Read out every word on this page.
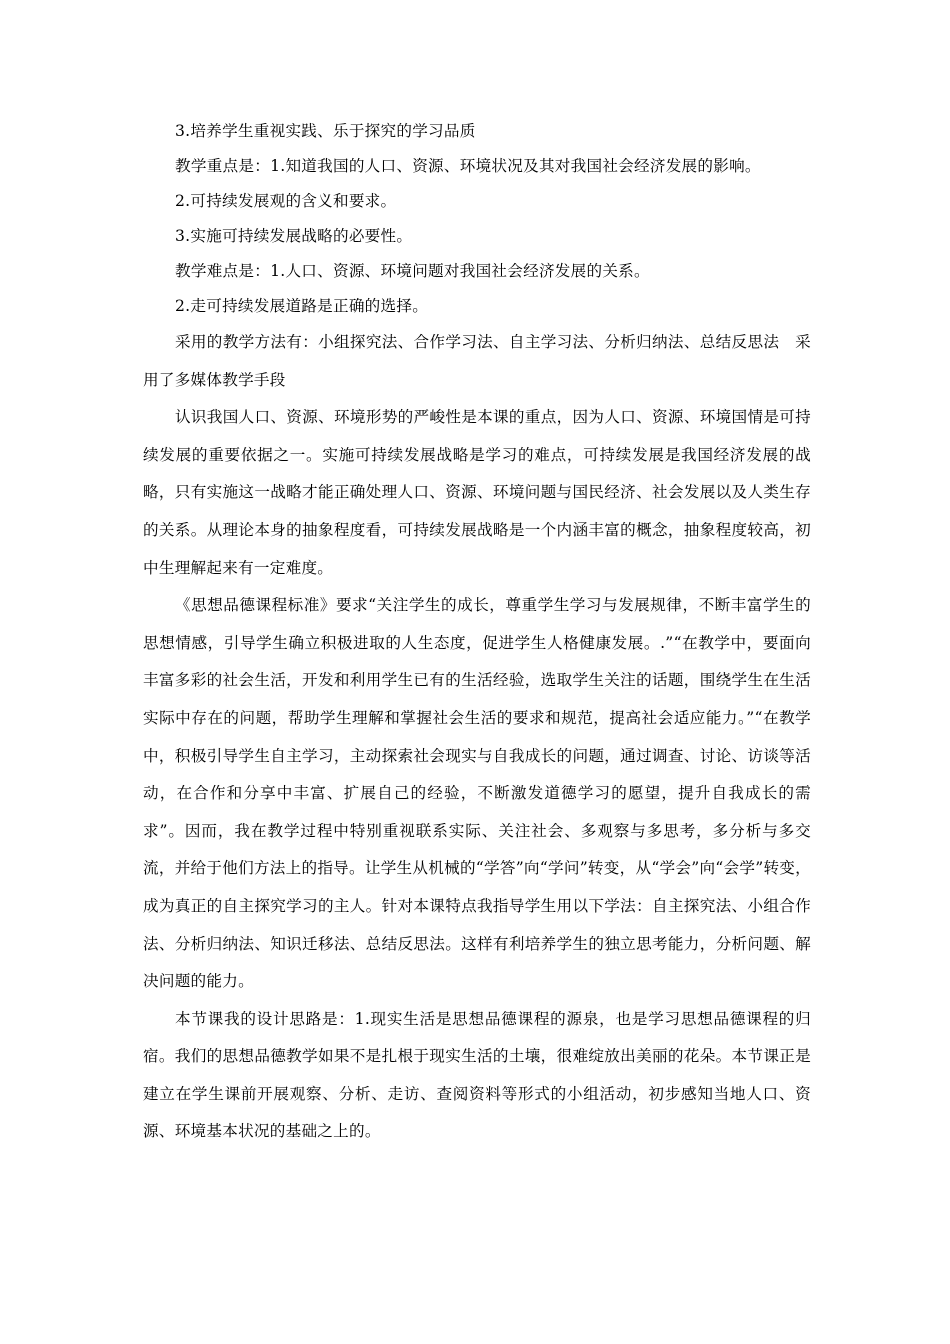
3.培养学生重视实践、乐于探究的学习品质

教学重点是：1.知道我国的人口、资源、环境状况及其对我国社会经济发展的影响。

2.可持续发展观的含义和要求。

3.实施可持续发展战略的必要性。

教学难点是：1.人口、资源、环境问题对我国社会经济发展的关系。

2.走可持续发展道路是正确的选择。

采用的教学方法有：小组探究法、合作学习法、自主学习法、分析归纳法、总结反思法　采用了多媒体教学手段

认识我国人口、资源、环境形势的严峻性是本课的重点，因为人口、资源、环境国情是可持续发展的重要依据之一。实施可持续发展战略是学习的难点，可持续发展是我国经济发展的战略，只有实施这一战略才能正确处理人口、资源、环境问题与国民经济、社会发展以及人类生存的关系。从理论本身的抽象程度看，可持续发展战略是一个内涵丰富的概念，抽象程度较高，初中生理解起来有一定难度。

《思想品德课程标准》要求“关注学生的成长，尊重学生学习与发展规律，不断丰富学生的思想情感，引导学生确立积极进取的人生态度，促进学生人格健康发展。.”“在教学中，要面向丰富多彩的社会生活，开发和利用学生已有的生活经验，选取学生关注的话题，围绕学生在生活实际中存在的问题，帮助学生理解和掌握社会生活的要求和规范，提高社会适应能力。”“在教学中，积极引导学生自主学习，主动探索社会现实与自我成长的问题，通过调查、讨论、访谈等活动，在合作和分享中丰富、扩展自己的经验，不断激发道德学习的愿望，提升自我成长的需求”。因而，我在教学过程中特别重视联系实际、关注社会、多观察与多思考，多分析与多交流，并给于他们方法上的指导。让学生从机械的“学答”向“学问”转变，从“学会”向“会学”转变，成为真正的自主探究学习的主人。针对本课特点我指导学生用以下学法：自主探究法、小组合作法、分析归纳法、知识迁移法、总结反思法。这样有利培养学生的独立思考能力，分析问题、解决问题的能力。

本节课我的设计思路是：1.现实生活是思想品德课程的源泉，也是学习思想品德课程的归宿。我们的思想品德教学如果不是扎根于现实生活的土壤，很难绽放出美丽的花朵。本节课正是建立在学生课前开展观察、分析、走访、查阅资料等形式的小组活动，初步感知当地人口、资源、环境基本状况的基础之上的。
